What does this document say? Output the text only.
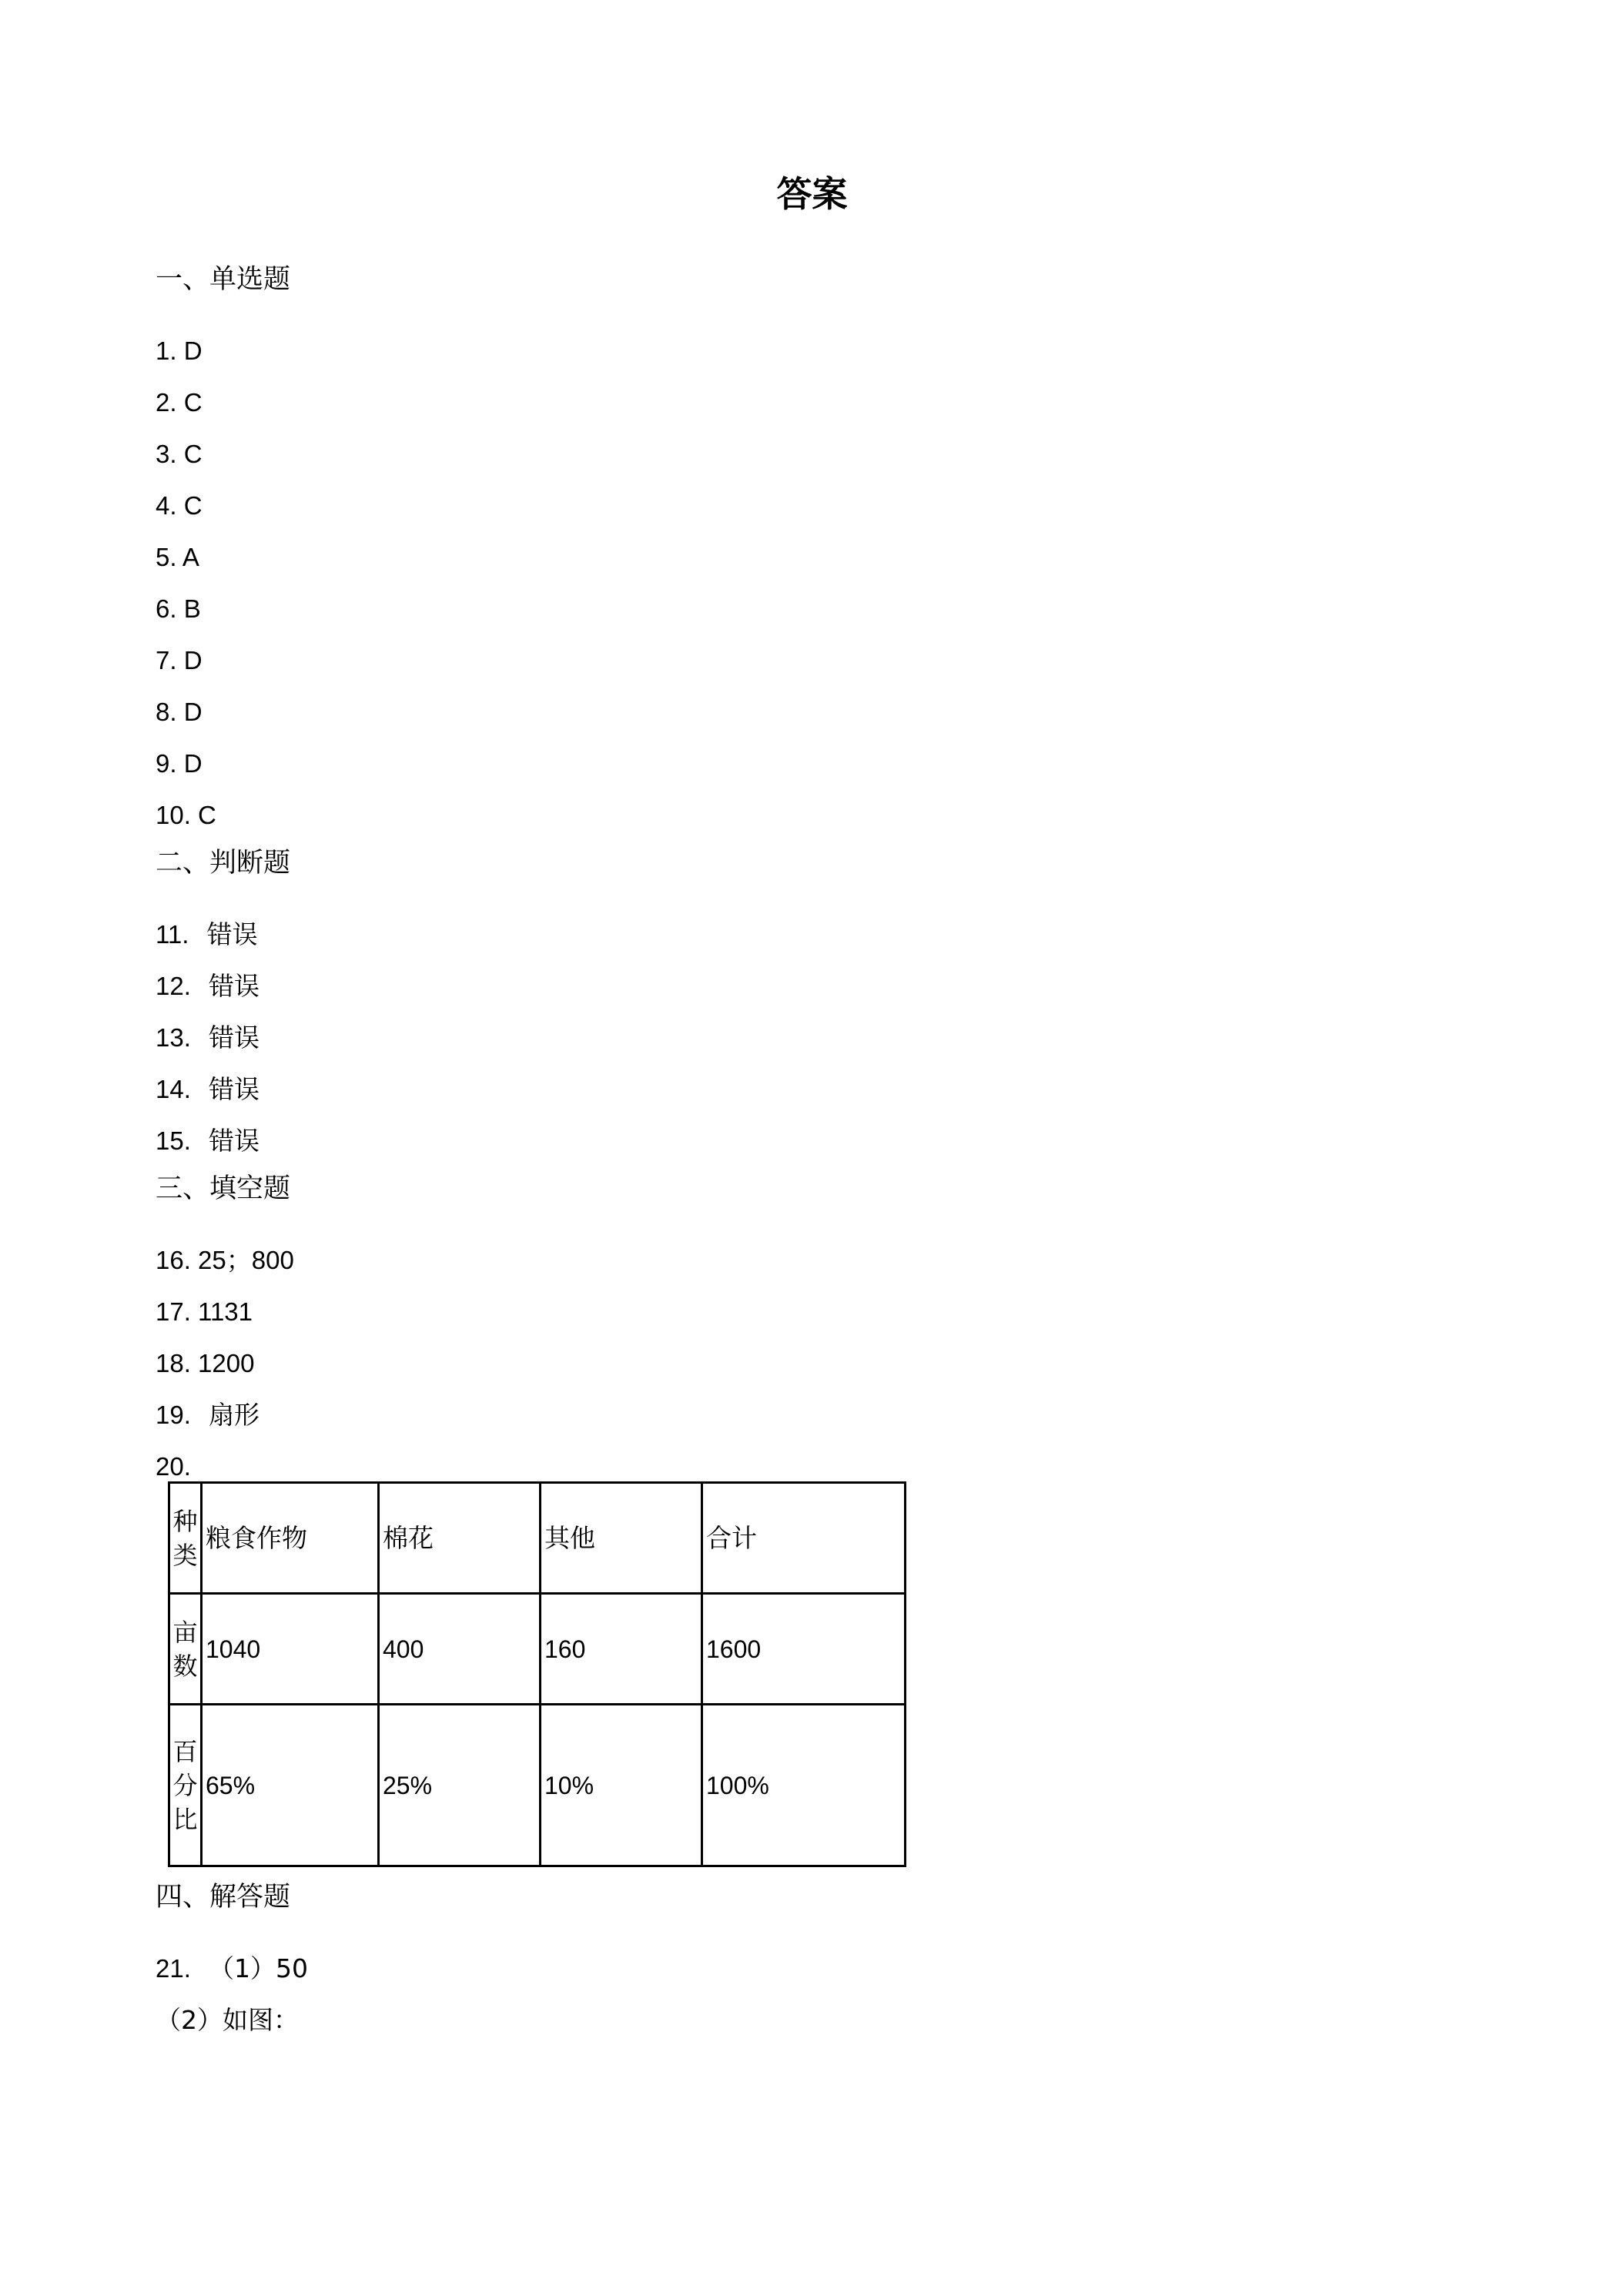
答案
一、单选题
1. D
2. C
3. C
4. C
5. A
6. B
7. D
8. D
9. D
10. C
二、判断题
11. 错误
12. 错误
13. 错误
14. 错误
15. 错误
三、填空题
16. 25；800
17. 1131
18. 1200
19. 扇形
20.
种类	粮食作物	棉花	其他	合计
亩数	1040	400	160	1600
百分比	65%	25%	10%	100%
四、解答题
21. （1）50
（2）如图：
